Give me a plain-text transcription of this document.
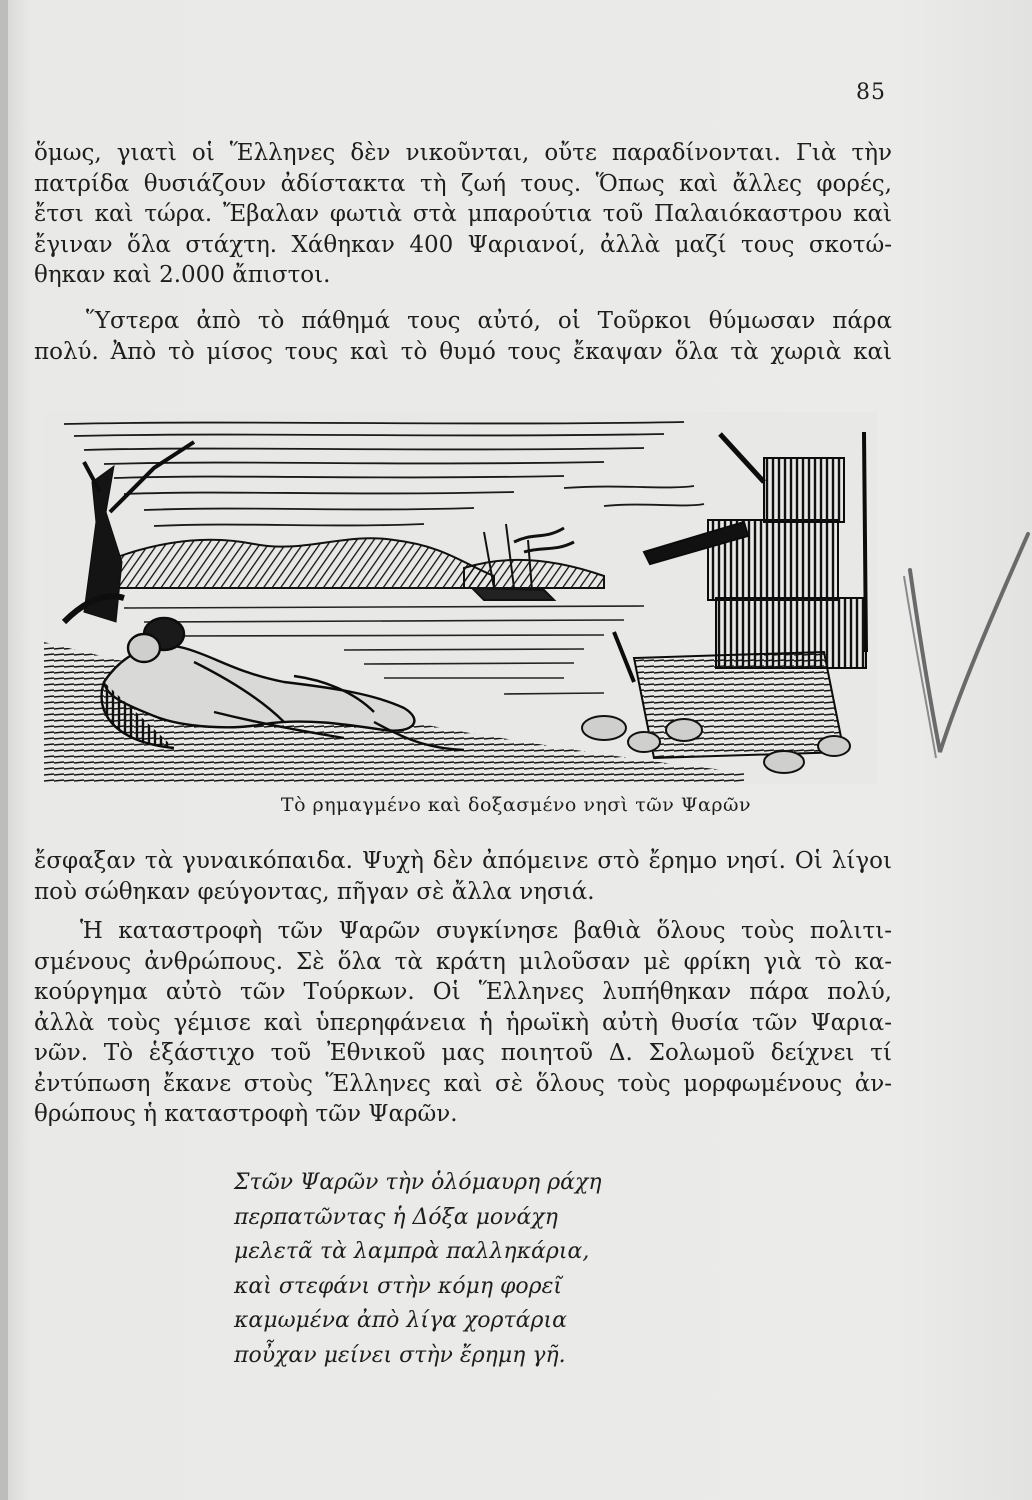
85
ὅμως, γιατὶ οἱ Ἕλληνες δὲν νικοῦνται, οὔτε παραδίνονται. Γιὰ τὴν
πατρίδα θυσιάζουν ἀδίστακτα τὴ ζωή τους. Ὅπως καὶ ἄλλες φορές,
ἔτσι καὶ τώρα. Ἔβαλαν φωτιὰ στὰ μπαρούτια τοῦ Παλαιόκαστρου καὶ
ἔγιναν ὅλα στάχτη. Χάθηκαν 400 Ψαριανοί, ἀλλὰ μαζί τους σκοτώ-
θηκαν καὶ 2.000 ἄπιστοι.
Ὕστερα ἀπὸ τὸ πάθημά τους αὐτό, οἱ Τοῦρκοι θύμωσαν πάρα
πολύ. Ἀπὸ τὸ μίσος τους καὶ τὸ θυμό τους ἔκαψαν ὅλα τὰ χωριὰ καὶ
Τὸ ρημαγμένο καὶ δοξασμένο νησὶ τῶν Ψαρῶν
ἔσφαξαν τὰ γυναικόπαιδα. Ψυχὴ δὲν ἀπόμεινε στὸ ἔρημο νησί. Οἱ λίγοι
ποὺ σώθηκαν φεύγοντας, πῆγαν σὲ ἄλλα νησιά.
Ἡ καταστροφὴ τῶν Ψαρῶν συγκίνησε βαθιὰ ὅλους τοὺς πολιτι-
σμένους ἀνθρώπους. Σὲ ὅλα τὰ κράτη μιλοῦσαν μὲ φρίκη γιὰ τὸ κα-
κούργημα αὐτὸ τῶν Τούρκων. Οἱ Ἕλληνες λυπήθηκαν πάρα πολύ,
ἀλλὰ τοὺς γέμισε καὶ ὑπερηφάνεια ἡ ἡρωϊκὴ αὐτὴ θυσία τῶν Ψαρια-
νῶν. Τὸ ἑξάστιχο τοῦ Ἐθνικοῦ μας ποιητοῦ Δ. Σολωμοῦ δείχνει τί
ἐντύπωση ἔκανε στοὺς Ἕλληνες καὶ σὲ ὅλους τοὺς μορφωμένους ἀν-
θρώπους ἡ καταστροφὴ τῶν Ψαρῶν.
Στῶν Ψαρῶν τὴν ὁλόμαυρη ράχη
περπατῶντας ἡ Δόξα μονάχη
μελετᾶ τὰ λαμπρὰ παλληκάρια,
καὶ στεφάνι στὴν κόμη φορεῖ
καμωμένα ἀπὸ λίγα χορτάρια
ποὖχαν μείνει στὴν ἔρημη γῆ.
